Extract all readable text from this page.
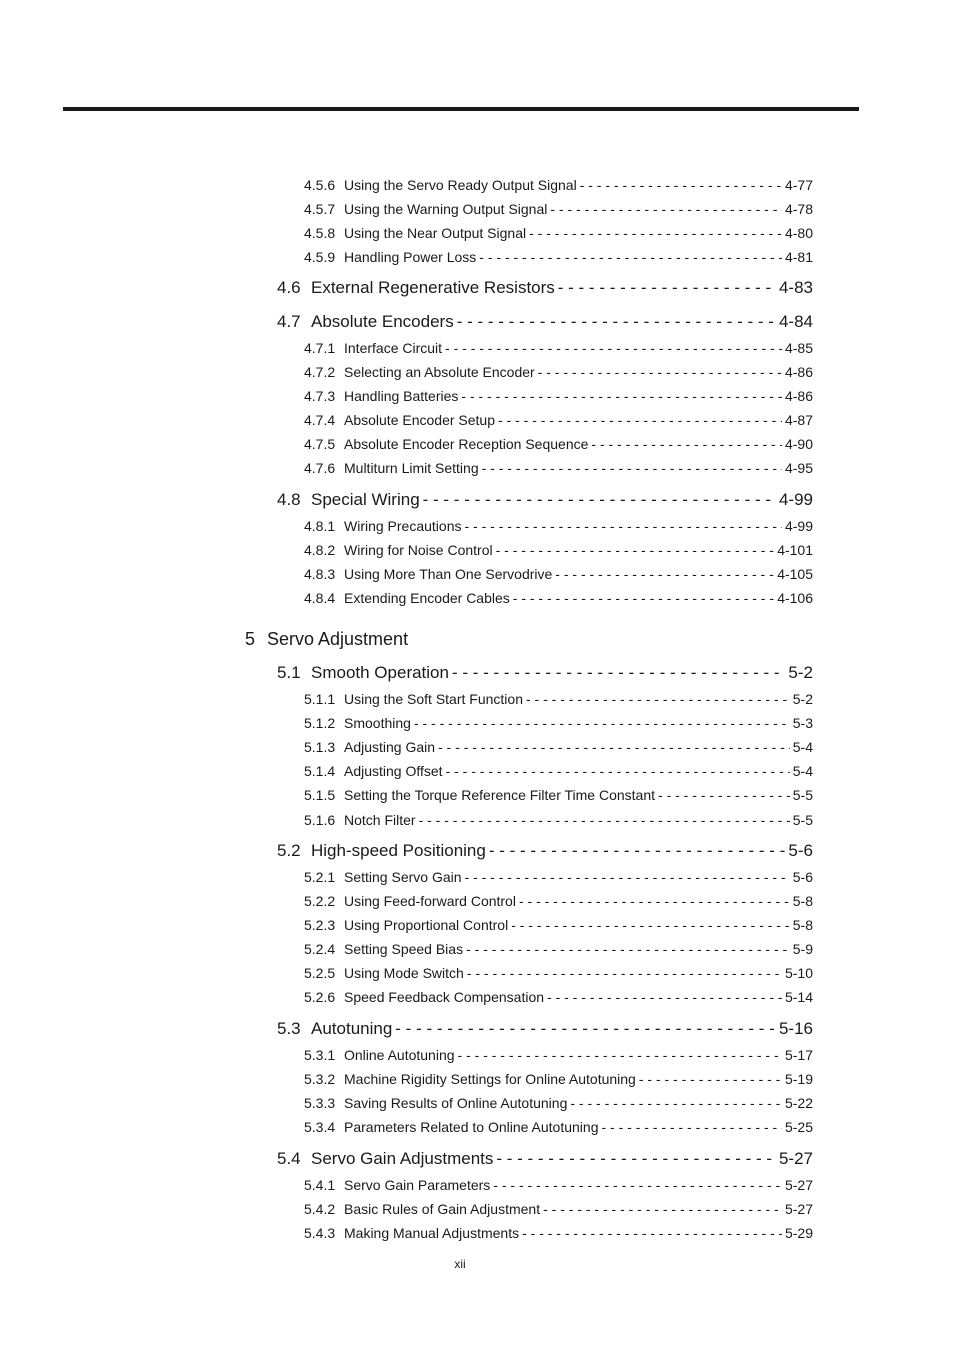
4.5.6 Using the Servo Ready Output Signal - - -	4-77
4.5.7 Using the Warning Output Signal - - -	4-78
4.5.8 Using the Near Output Signal - - -	4-80
4.5.9 Handling Power Loss - - -	4-81
4.6 External Regenerative Resistors - - -	4-83
4.7 Absolute Encoders - - -	4-84
4.7.1 Interface Circuit - - -	4-85
4.7.2 Selecting an Absolute Encoder - - -	4-86
4.7.3 Handling Batteries - - -	4-86
4.7.4 Absolute Encoder Setup - - -	4-87
4.7.5 Absolute Encoder Reception Sequence - - -	4-90
4.7.6 Multiturn Limit Setting - - -	4-95
4.8 Special Wiring - - -	4-99
4.8.1 Wiring Precautions - - -	4-99
4.8.2 Wiring for Noise Control - - -	4-101
4.8.3 Using More Than One Servodrive - - -	4-105
4.8.4 Extending Encoder Cables - - -	4-106
5 Servo Adjustment
5.1 Smooth Operation - - -	5-2
5.1.1 Using the Soft Start Function - - -	5-2
5.1.2 Smoothing - - -	5-3
5.1.3 Adjusting Gain - - -	5-4
5.1.4 Adjusting Offset - - -	5-4
5.1.5 Setting the Torque Reference Filter Time Constant - - -	5-5
5.1.6 Notch Filter - - -	5-5
5.2 High-speed Positioning - - -	5-6
5.2.1 Setting Servo Gain - - -	5-6
5.2.2 Using Feed-forward Control - - -	5-8
5.2.3 Using Proportional Control - - -	5-8
5.2.4 Setting Speed Bias - - -	5-9
5.2.5 Using Mode Switch - - -	5-10
5.2.6 Speed Feedback Compensation - - -	5-14
5.3 Autotuning - - -	5-16
5.3.1 Online Autotuning - - -	5-17
5.3.2 Machine Rigidity Settings for Online Autotuning - - -	5-19
5.3.3 Saving Results of Online Autotuning - - -	5-22
5.3.4 Parameters Related to Online Autotuning - - -	5-25
5.4 Servo Gain Adjustments - - -	5-27
5.4.1 Servo Gain Parameters - - -	5-27
5.4.2 Basic Rules of Gain Adjustment - - -	5-27
5.4.3 Making Manual Adjustments - - -	5-29
xii
